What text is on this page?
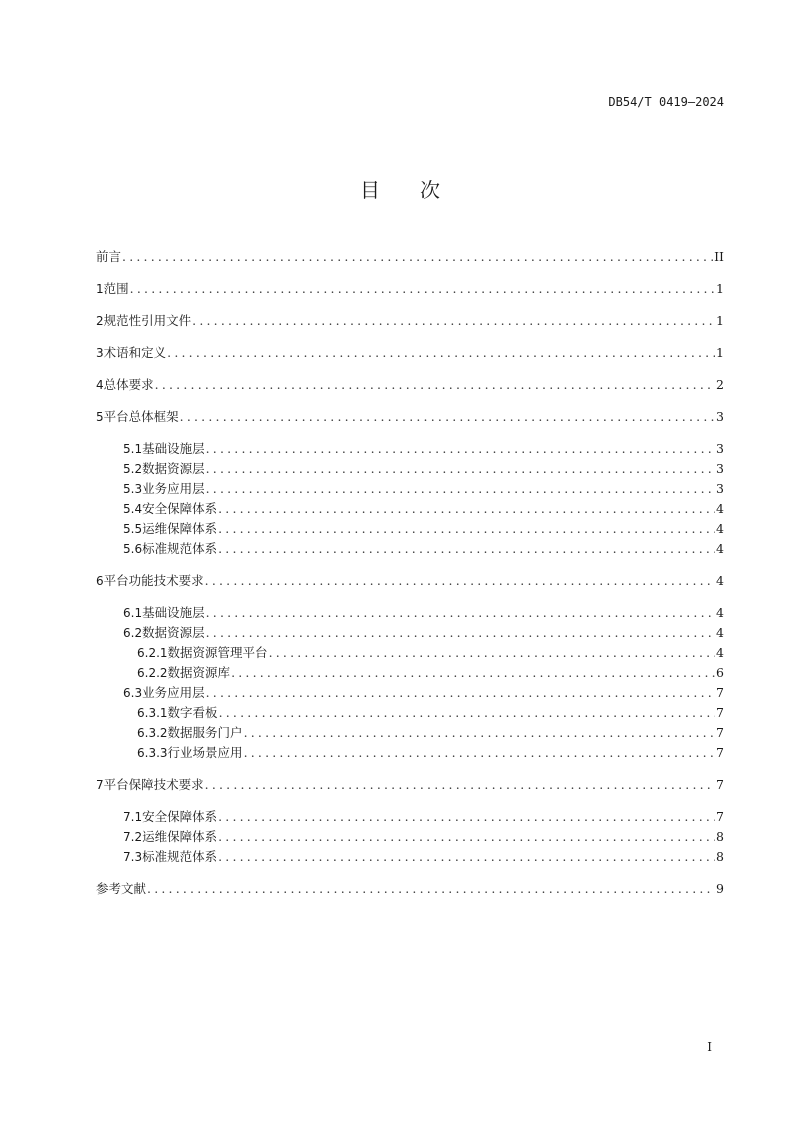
DB54/T 0419—2024
目 次
前言 .....	II
1 范围 .....	1
2 规范性引用文件 .....	1
3 术语和定义 .....	1
4 总体要求 .....	2
5 平台总体框架 .....	3
5.1 基础设施层 .....	3
5.2 数据资源层 .....	3
5.3 业务应用层 .....	3
5.4 安全保障体系 .....	4
5.5 运维保障体系 .....	4
5.6 标准规范体系 .....	4
6 平台功能技术要求 .....	4
6.1 基础设施层 .....	4
6.2 数据资源层 .....	4
6.2.1 数据资源管理平台 .....	4
6.2.2 数据资源库 .....	6
6.3 业务应用层 .....	7
6.3.1 数字看板 .....	7
6.3.2 数据服务门户 .....	7
6.3.3 行业场景应用 .....	7
7 平台保障技术要求 .....	7
7.1 安全保障体系 .....	7
7.2 运维保障体系 .....	8
7.3 标准规范体系 .....	8
参考文献 .....	9
I
